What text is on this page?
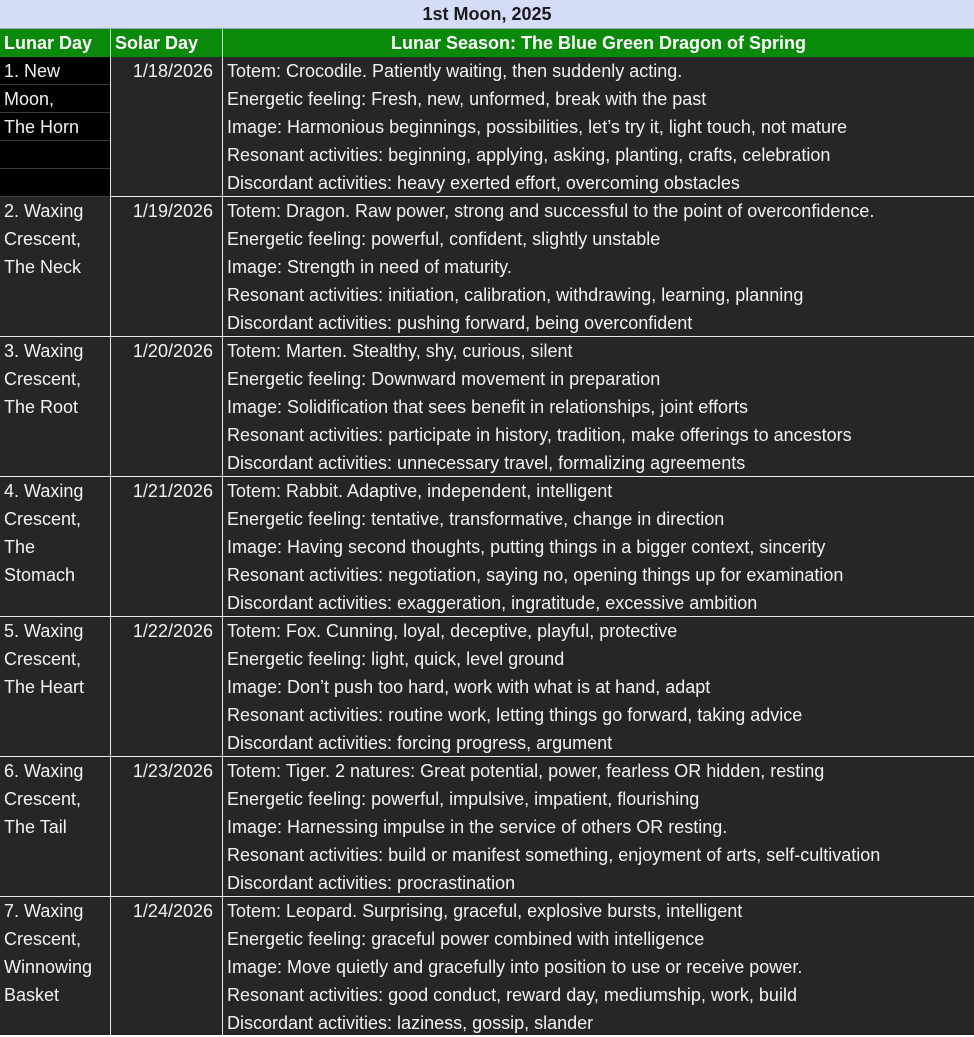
1st Moon, 2025
Lunar Day	Solar Day	Lunar Season: The Blue Green Dragon of Spring
1. New
Moon,
The Horn
1/18/2026 Totem: Crocodile. Patiently waiting, then suddenly acting.
Energetic feeling: Fresh, new, unformed, break with the past
Image: Harmonious beginnings, possibilities, let’s try it, light touch, not mature
Resonant activities: beginning, applying, asking, planting, crafts, celebration
Discordant activities: heavy exerted effort, overcoming obstacles
2. Waxing
Crescent,
The Neck
1/19/2026 Totem: Dragon. Raw power, strong and successful to the point of overconfidence.
Energetic feeling: powerful, confident, slightly unstable
Image: Strength in need of maturity.
Resonant activities: initiation, calibration, withdrawing, learning, planning
Discordant activities: pushing forward, being overconfident
3. Waxing
Crescent,
The Root
1/20/2026 Totem: Marten. Stealthy, shy, curious, silent
Energetic feeling: Downward movement in preparation
Image: Solidification that sees benefit in relationships, joint efforts
Resonant activities: participate in history, tradition, make offerings to ancestors
Discordant activities: unnecessary travel, formalizing agreements
4. Waxing
Crescent,
The
Stomach
1/21/2026 Totem: Rabbit. Adaptive, independent, intelligent
Energetic feeling: tentative, transformative, change in direction
Image: Having second thoughts, putting things in a bigger context, sincerity
Resonant activities: negotiation, saying no, opening things up for examination
Discordant activities: exaggeration, ingratitude, excessive ambition
5. Waxing
Crescent,
The Heart
1/22/2026 Totem: Fox. Cunning, loyal, deceptive, playful, protective
Energetic feeling: light, quick, level ground
Image: Don’t push too hard, work with what is at hand, adapt
Resonant activities: routine work, letting things go forward, taking advice
Discordant activities: forcing progress, argument
6. Waxing
Crescent,
The Tail
1/23/2026 Totem: Tiger. 2 natures: Great potential, power, fearless OR hidden, resting
Energetic feeling: powerful, impulsive, impatient, flourishing
Image: Harnessing impulse in the service of others OR resting.
Resonant activities: build or manifest something, enjoyment of arts, self-cultivation
Discordant activities: procrastination
7. Waxing
Crescent,
Winnowing
Basket
1/24/2026 Totem: Leopard. Surprising, graceful, explosive bursts, intelligent
Energetic feeling: graceful power combined with intelligence
Image: Move quietly and gracefully into position to use or receive power.
Resonant activities: good conduct, reward day, mediumship, work, build
Discordant activities: laziness, gossip, slander
